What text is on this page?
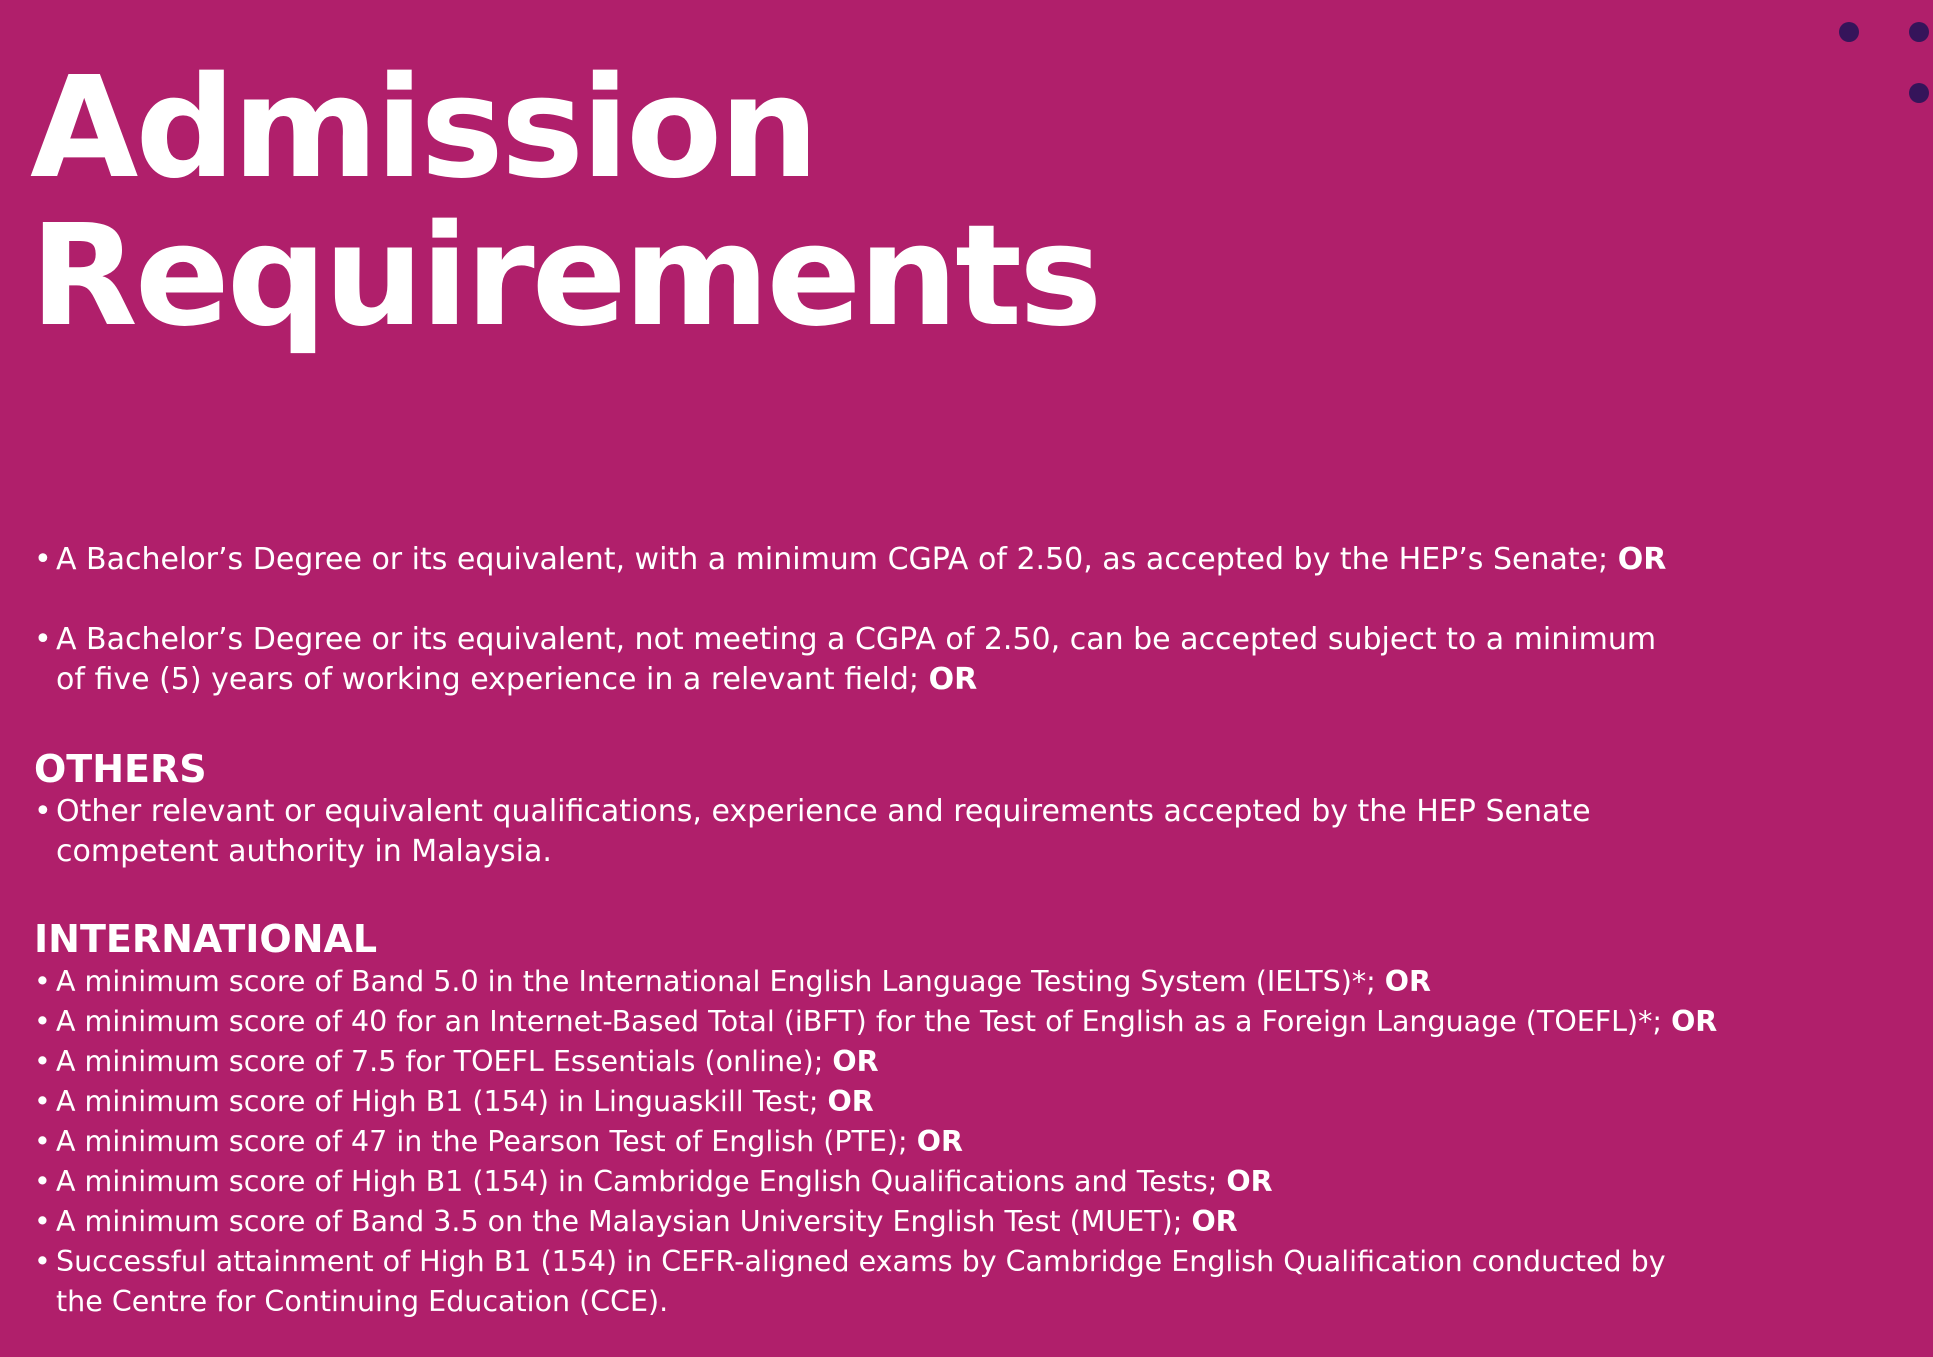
Admission
Requirements
• A Bachelor’s Degree or its equivalent, with a minimum CGPA of 2.50, as accepted by the HEP’s Senate; OR
• A Bachelor’s Degree or its equivalent, not meeting a CGPA of 2.50, can be accepted subject to a minimum
of five (5) years of working experience in a relevant field; OR
OTHERS
• Other relevant or equivalent qualifications, experience and requirements accepted by the HEP Senate
competent authority in Malaysia.
INTERNATIONAL
• A minimum score of Band 5.0 in the International English Language Testing System (IELTS)*; OR
• A minimum score of 40 for an Internet-Based Total (iBFT) for the Test of English as a Foreign Language (TOEFL)*; OR
• A minimum score of 7.5 for TOEFL Essentials (online); OR
• A minimum score of High B1 (154) in Linguaskill Test; OR
• A minimum score of 47 in the Pearson Test of English (PTE); OR
• A minimum score of High B1 (154) in Cambridge English Qualifications and Tests; OR
• A minimum score of Band 3.5 on the Malaysian University English Test (MUET); OR
• Successful attainment of High B1 (154) in CEFR-aligned exams by Cambridge English Qualification conducted by
the Centre for Continuing Education (CCE).
